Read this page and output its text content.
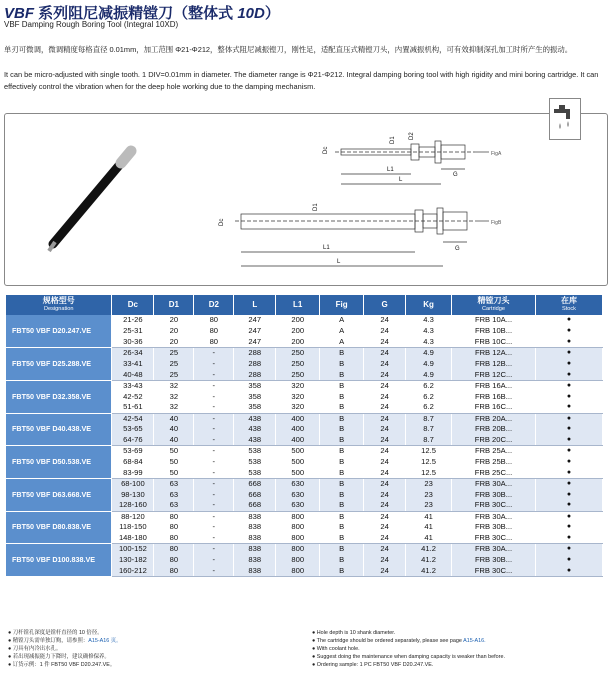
VBF 系列阻尼减振精镗刀（整体式 10D）
VBF Damping Rough Boring Tool (Integral 10XD)
单刃可微调，微调精度每格直径 0.01mm，加工范围 Φ21-Φ212，整体式阻尼减振镗刀，刚性足，适配直压式精镗刀头，内置减振机构，可有效抑制深孔加工时所产生的振动。
It can be micro-adjusted with single tooth. 1 DIV=0.01mm in diameter. The diameter range is Φ21-Φ212. Integral damping boring tool with high rigidity and mini boring cartridge. It can effectively control the vibration when for the deep hole working due to the damping mechanism.
Dc
D1
D2
L1
L
G
FigA
Dc
D1
L1
L
G
FigB
规格型号
Designation	Dc	D1	D2	L	L1	Fig	G	Kg	精镗刀头
Cartridge	在库
Stock

FBT50 VBF D20.247.VE	21-26	20	80	247	200	A	24	4.3	FRB 10A...	●
	25-31	20	80	247	200	A	24	4.3	FRB 10B...	●
	30-36	20	80	247	200	A	24	4.3	FRB 10C...	●
FBT50 VBF D25.288.VE	26-34	25	-	288	250	B	24	4.9	FRB 12A...	●
	33-41	25	-	288	250	B	24	4.9	FRB 12B...	●
	40-48	25	-	288	250	B	24	4.9	FRB 12C...	●
FBT50 VBF D32.358.VE	33-43	32	-	358	320	B	24	6.2	FRB 16A...	●
	42-52	32	-	358	320	B	24	6.2	FRB 16B...	●
	51-61	32	-	358	320	B	24	6.2	FRB 16C...	●
FBT50 VBF D40.438.VE	42-54	40	-	438	400	B	24	8.7	FRB 20A...	●
	53-65	40	-	438	400	B	24	8.7	FRB 20B...	●
	64-76	40	-	438	400	B	24	8.7	FRB 20C...	●
FBT50 VBF D50.538.VE	53-69	50	-	538	500	B	24	12.5	FRB 25A...	●
	68-84	50	-	538	500	B	24	12.5	FRB 25B...	●
	83-99	50	-	538	500	B	24	12.5	FRB 25C...	●
FBT50 VBF D63.668.VE	68-100	63	-	668	630	B	24	23	FRB 30A...	●
	98-130	63	-	668	630	B	24	23	FRB 30B...	●
	128-160	63	-	668	630	B	24	23	FRB 30C...	●
FBT50 VBF D80.838.VE	88-120	80	-	838	800	B	24	41	FRB 30A...	●
	118-150	80	-	838	800	B	24	41	FRB 30B...	●
	148-180	80	-	838	800	B	24	41	FRB 30C...	●
FBT50 VBF D100.838.VE	100-152	80	-	838	800	B	24	41.2	FRB 30A...	●
	130-182	80	-	838	800	B	24	41.2	FRB 30B...	●
	160-212	80	-	838	800	B	24	41.2	FRB 30C...	●
● 刀杆镗孔深度是镗杆直径的 10 倍径。
● 精镗刀头需单独订购，请参照：A15-A16 页。
● 刀具有内冷出水孔。
● 若出现减振能力下降时，建议确修保养。
● 订货示例：1 件 FBT50 VBF D20.247.VE。
● Hole depth is 10 shank diameter.
● The cartridge should be ordered separately, please see page A15-A16.
● With coolant hole.
● Suggest doing the maintenance when damping capacity is weaker than before.
● Ordering sample: 1 PC FBT50 VBF D20.247.VE.
